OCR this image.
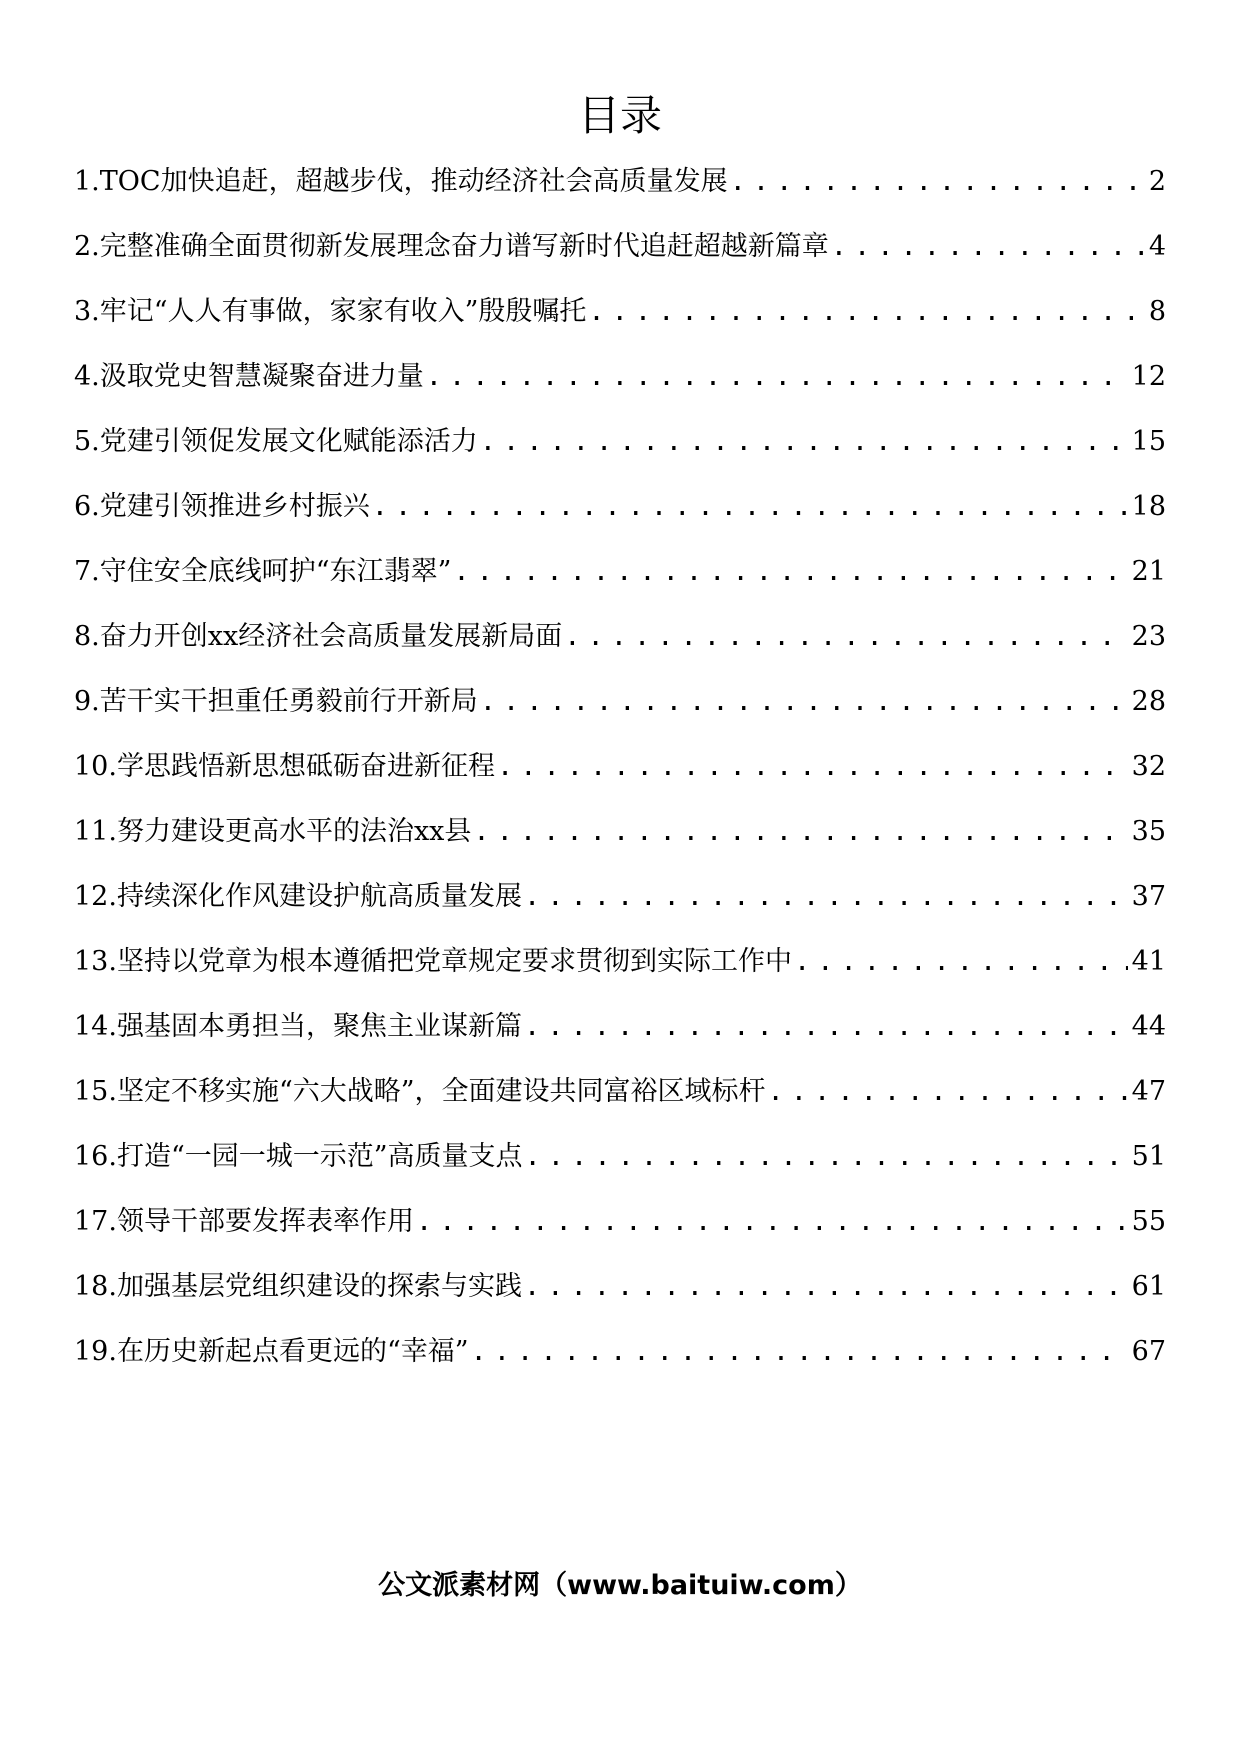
目录
1.TOC加快追赶，超越步伐，推动经济社会高质量发展 .....	2
2.完整准确全面贯彻新发展理念奋力谱写新时代追赶超越新篇章 .....	4
3.牢记“人人有事做，家家有收入”殷殷嘱托 .....	8
4.汲取党史智慧凝聚奋进力量 .....	12
5.党建引领促发展文化赋能添活力 .....	15
6.党建引领推进乡村振兴 .....	18
7.守住安全底线呵护“东江翡翠” .....	21
8.奋力开创xx经济社会高质量发展新局面 .....	23
9.苦干实干担重任勇毅前行开新局 .....	28
10.学思践悟新思想砥砺奋进新征程 .....	32
11.努力建设更高水平的法治xx县 .....	35
12.持续深化作风建设护航高质量发展 .....	37
13.坚持以党章为根本遵循把党章规定要求贯彻到实际工作中 .....	41
14.强基固本勇担当，聚焦主业谋新篇 .....	44
15.坚定不移实施“六大战略”，全面建设共同富裕区域标杆 .....	47
16.打造“一园一城一示范”高质量支点 .....	51
17.领导干部要发挥表率作用 .....	55
18.加强基层党组织建设的探索与实践 .....	61
19.在历史新起点看更远的“幸福” .....	67
公文派素材网（www.baituiw.com）
